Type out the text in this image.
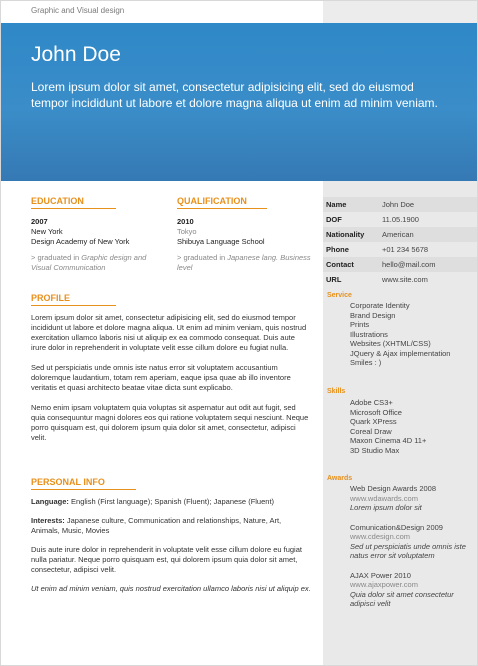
Graphic and Visual design
John Doe
Lorem ipsum dolor sit amet, consectetur adipisicing elit, sed do eiusmod tempor incididunt ut labore et dolore magna aliqua ut enim ad minim veniam.
EDUCATION
2007
New York
Design Academy of New York
> graduated in Graphic design and Visual Communication
QUALIFICATION
2010
Tokyo
Shibuya Language School
> graduated in Japanese lang. Business level
PROFILE

Lorem ipsum dolor sit amet, consectetur adipisicing elit, sed do eiusmod tempor incididunt ut labore et dolore magna aliqua. Ut enim ad minim veniam, quis nostrud exercitation ullamco laboris nisi ut aliquip ex ea commodo consequat. Duis aute irure dolor in reprehenderit in voluptate velit esse cillum dolore eu fugiat nulla.

Sed ut perspiciatis unde omnis iste natus error sit voluptatem accusantium doloremque laudantium, totam rem aperiam, eaque ipsa quae ab illo inventore veritatis et quasi architecto beatae vitae dicta sunt explicabo.

Nemo enim ipsam voluptatem quia voluptas sit aspernatur aut odit aut fugit, sed quia consequuntur magni dolores eos qui ratione voluptatem sequi nesciunt. Neque porro quisquam est, qui dolorem ipsum quia dolor sit amet, consectetur, adipisci velit.

PERSONAL INFO

Language: English (First language); Spanish (Fluent); Japanese (Fluent)

Interests: Japanese culture, Communication and relationships, Nature, Art, Animals, Music, Movies

Duis aute irure dolor in reprehenderit in voluptate velit esse cillum dolore eu fugiat nulla pariatur. Neque porro quisquam est, qui dolorem ipsum quia dolor sit amet, consectetur, adipisci velit.

Ut enim ad minim veniam, quis nostrud exercitation ullamco laboris nisi ut aliquip ex.

Name	John Doe
DOF	11.05.1900
Nationality American
Phone	+01 234 5678
Contact	hello@mail.com
URL	www.site.com
Service
Corporate Identity
Brand Design
Prints
Illustrations
Websites (XHTML/CSS)
JQuery & Ajax implementation
Smiles : )
Skills
Adobe CS3+
Microsoft Office
Quark XPress
Coreal Draw
Maxon Cinema 4D 11+
3D Studio Max
Awards
Web Design Awards 2008
www.wdawards.com
Lorem ipsum dolor sit
Comunication&Design 2009
www.cdesign.com
Sed ut perspiciatis unde omnis iste natus error sit voluptatem
AJAX Power 2010
www.ajaxpower.com
Quia dolor sit amet consectetur adipisci velit
